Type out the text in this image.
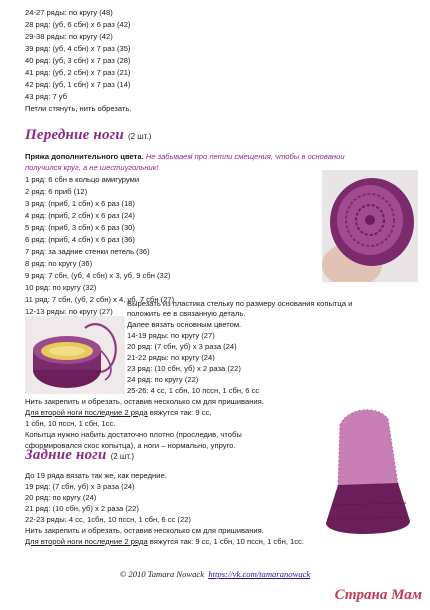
24-27 ряды: по кругу (48)
28 ряд: (уб, 6 сбн) х 6 раз (42)
29-38 ряды: по кругу (42)
39 ряд: (уб, 4 сбн) х 7 раз (35)
40 ряд: (уб, 3 сбн) х 7 раз (28)
41 ряд: (уб, 2 сбн) х 7 раз (21)
42 ряд: (уб, 1 сбн) х 7 раз (14)
43 ряд: 7 уб
Петли стянуть, нить обрезать.
Передние ноги (2 шт.)
Пряжа дополнительного цвета. Не забываем про петли смещения, чтобы в основании
получился круг, а не шестиугольник!
1 ряд: 6 сбн в кольцо амигуруми
2 ряд: 6 приб (12)
3 ряд: (приб, 1 сбн) х 6 раз (18)
4 ряд: (приб, 2 сбн) х 6 раз (24)
5 ряд: (приб, 3 сбн) х 6 раз (30)
6 ряд: (приб, 4 сбн) х 6 раз (36)
7 ряд: за задние стенки петель (36)
8 ряд: по кругу (36)
9 ряд: 7 сбн, (уб, 4 сбн) х 3, уб, 9 сбн (32)
10 ряд: по кругу (32)
11 ряд: 7 сбн, (уб, 2 сбн) х 4, уб, 7 сбн (27)
12-13 ряды: по кругу (27)
Вырезать из пластика стельку по размеру основания копытца и
положить ее в связанную деталь.
Далее вязать основным цветом.
14-19 ряды: по кругу (27)
20 ряд: (7 сбн, уб) х 3 раза (24)
21-22 ряды: по кругу (24)
23 ряд: (10 сбн, уб) х 2 раза (22)
24 ряд: по кругу (22)
25-26: 4 сс, 1 сбн, 10 пссн, 1 сбн, 6 сс
Нить закрепить и обрезать, оставив несколько см для пришивания.
Для второй ноги последние 2 ряда вяжутся так: 9 сс,
1 сбн, 10 пссн, 1 сбн, 1сс.
Копытца нужно набить достаточно плотно (проследив, чтобы
сформировался скос копытца), а ноги – нормально, упруго.
Задние ноги (2 шт.)
До 19 ряда вязать так же, как передние.
19 ряд: (7 сбн, уб) х 3 раза (24)
20 ряд: по кругу (24)
21 ряд: (10 сбн, уб) х 2 раза (22)
22-23 ряды: 4 сс, 1сбн, 10 пссн, 1 сбн, 6 сс (22)
Нить закрепить и обрезать, оставив несколько см для пришивания.
Для второй ноги последние 2 ряда вяжутся так: 9 сс, 1 сбн, 10 пссн, 1 сбн, 1сс.
© 2010 Tamara Nowack https://vk.com/tamaranowack
Страна Мам
